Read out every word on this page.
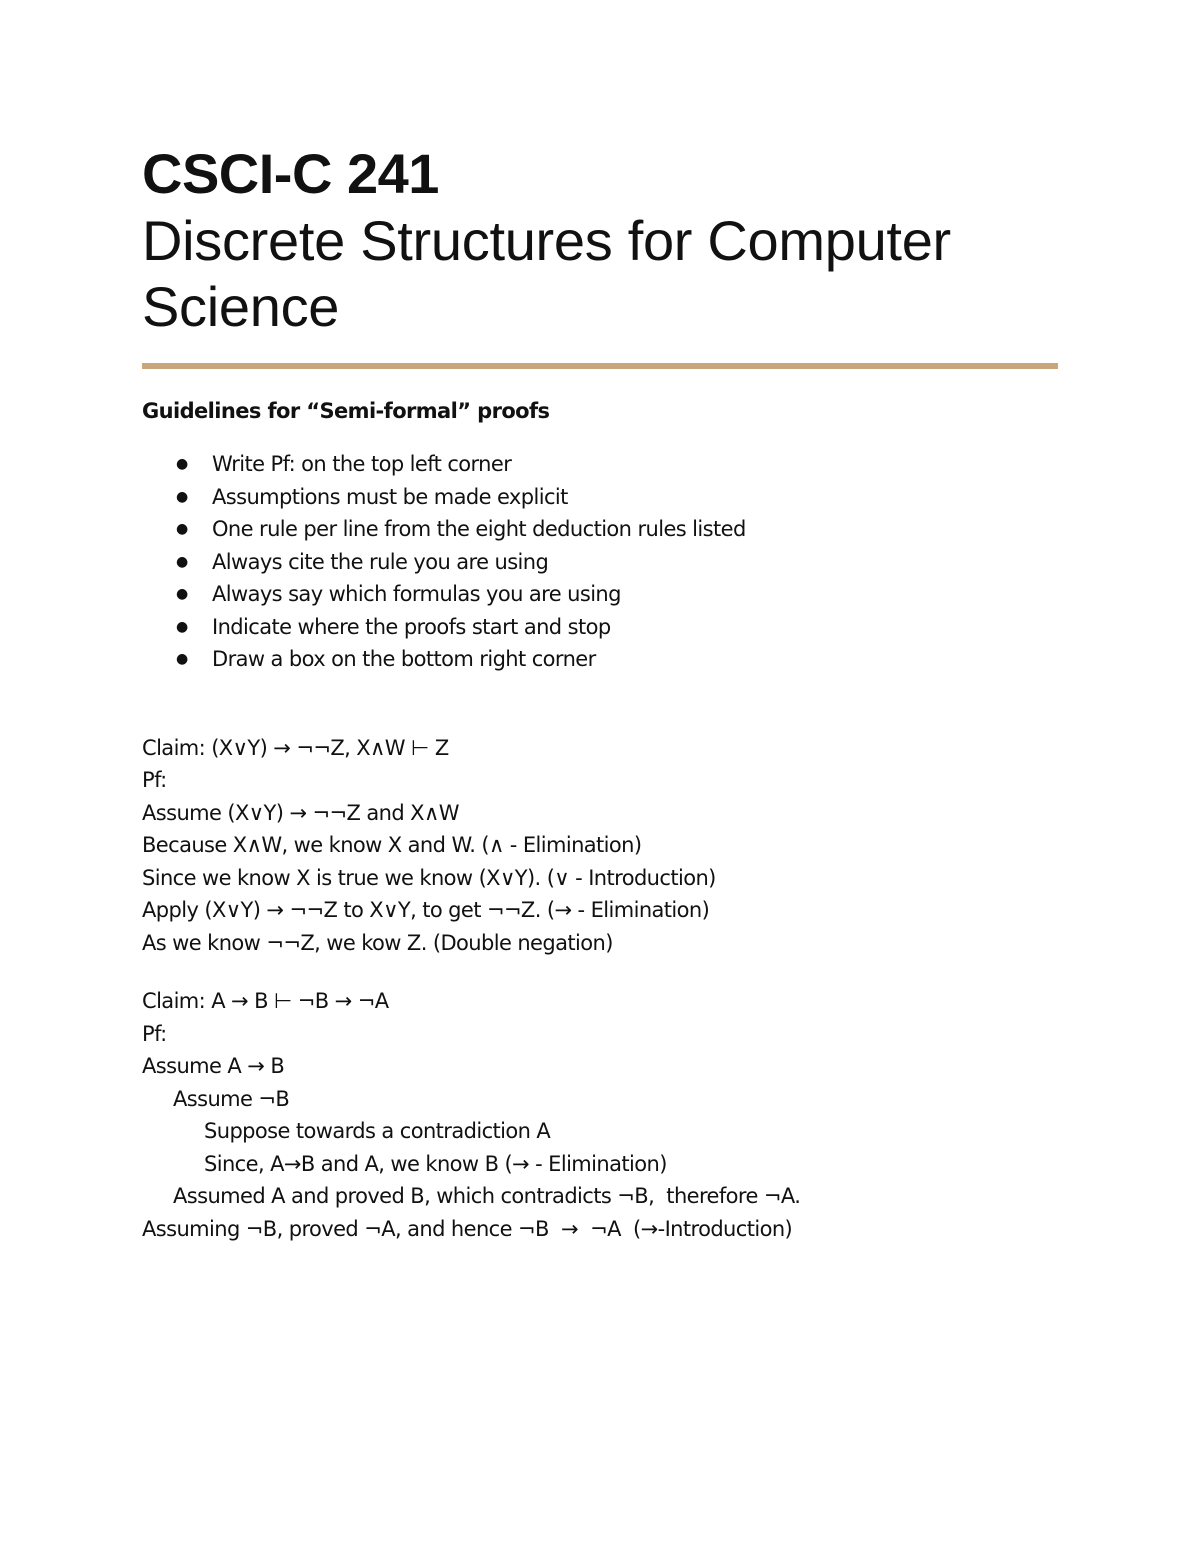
CSCI-C 241
Discrete Structures for Computer
Science
Guidelines for “Semi-formal” proofs
● Write Pf: on the top left corner
● Assumptions must be made explicit
● One rule per line from the eight deduction rules listed
● Always cite the rule you are using
● Always say which formulas you are using
● Indicate where the proofs start and stop
● Draw a box on the bottom right corner
Claim: (X∨Y) → ¬¬Z, X∧W ⊢ Z
Pf:
Assume (X∨Y) → ¬¬Z and X∧W
Because X∧W, we know X and W. (∧ - Elimination)
Since we know X is true we know (X∨Y). (∨ - Introduction)
Apply (X∨Y) → ¬¬Z to X∨Y, to get ¬¬Z. (→ - Elimination)
As we know ¬¬Z, we kow Z. (Double negation)
Claim: A → B ⊢ ¬B → ¬A
Pf:
Assume A → B
Assume ¬B
Suppose towards a contradiction A
Since, A→B and A, we know B (→ - Elimination)
Assumed A and proved B, which contradicts ¬B,  therefore ¬A.
Assuming ¬B, proved ¬A, and hence ¬B  →  ¬A  (→-Introduction)
